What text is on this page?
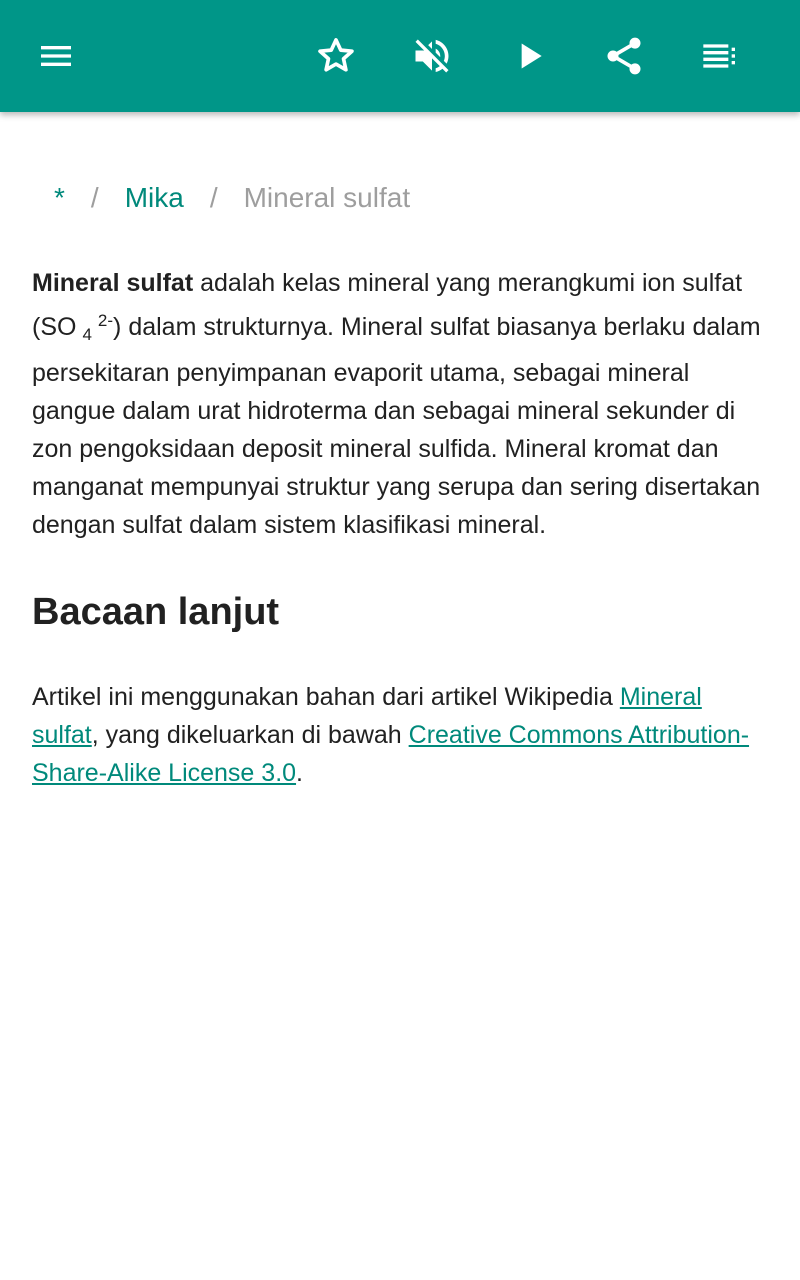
* / Mika / Mineral sulfat
Mineral sulfat adalah kelas mineral yang merangkumi ion sulfat (SO $_4^{2-}$) dalam strukturnya. Mineral sulfat biasanya berlaku dalam persekitaran penyimpanan evaporit utama, sebagai mineral gangue dalam urat hidroterma dan sebagai mineral sekunder di zon pengoksidaan deposit mineral sulfida. Mineral kromat dan manganat mempunyai struktur yang serupa dan sering disertakan dengan sulfat dalam sistem klasifikasi mineral.
Bacaan lanjut
Artikel ini menggunakan bahan dari artikel Wikipedia Mineral sulfat, yang dikeluarkan di bawah Creative Commons Attribution-Share-Alike License 3.0.
